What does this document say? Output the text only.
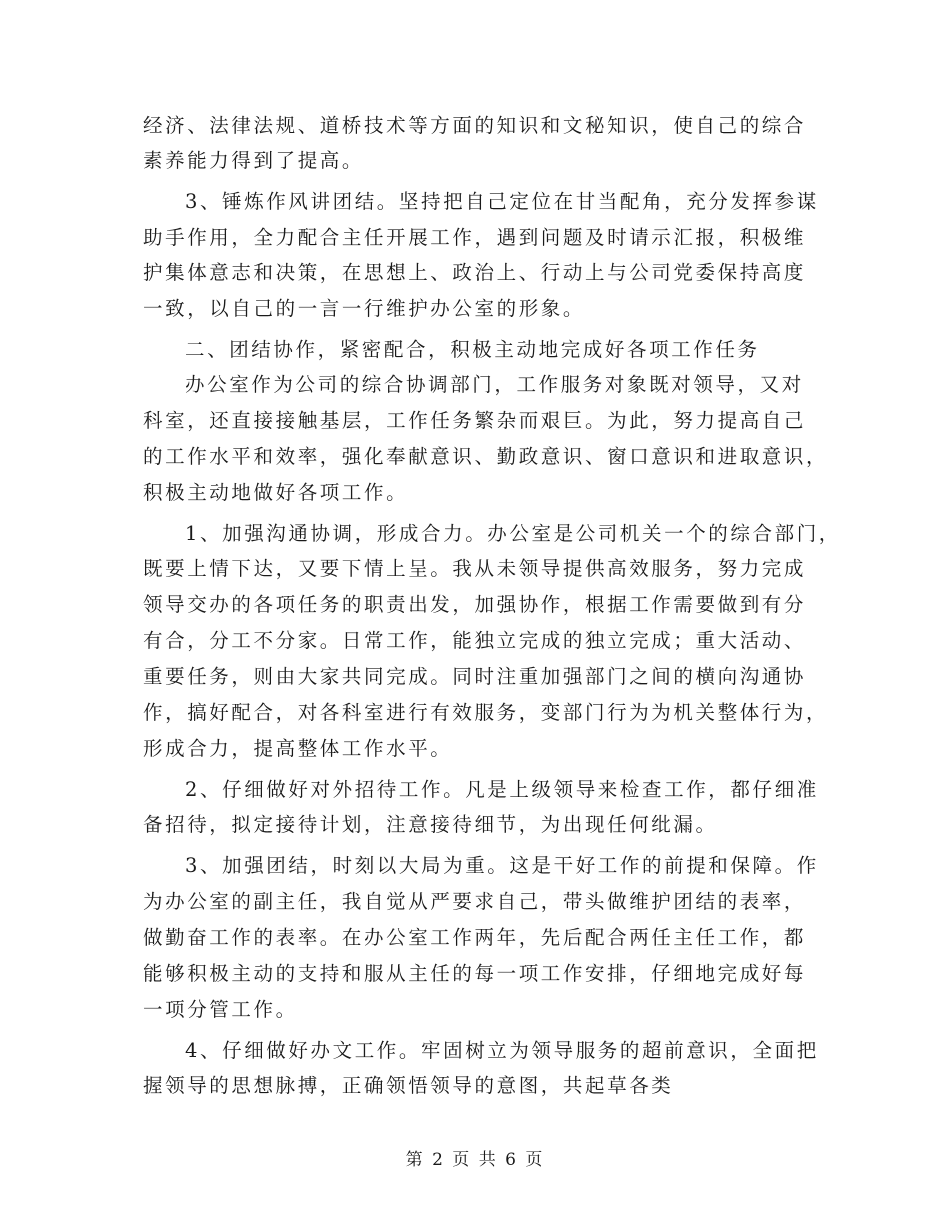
经济、法律法规、道桥技术等方面的知识和文秘知识，使自己的综合
素养能力得到了提高。
3、锤炼作风讲团结。坚持把自己定位在甘当配角，充分发挥参谋
助手作用，全力配合主任开展工作，遇到问题及时请示汇报，积极维
护集体意志和决策，在思想上、政治上、行动上与公司党委保持高度
一致，以自己的一言一行维护办公室的形象。
二、团结协作，紧密配合，积极主动地完成好各项工作任务
办公室作为公司的综合协调部门，工作服务对象既对领导，又对
科室，还直接接触基层，工作任务繁杂而艰巨。为此，努力提高自己
的工作水平和效率，强化奉献意识、勤政意识、窗口意识和进取意识，
积极主动地做好各项工作。
1、加强沟通协调，形成合力。办公室是公司机关一个的综合部门，
既要上情下达，又要下情上呈。我从未领导提供高效服务，努力完成
领导交办的各项任务的职责出发，加强协作，根据工作需要做到有分
有合，分工不分家。日常工作，能独立完成的独立完成；重大活动、
重要任务，则由大家共同完成。同时注重加强部门之间的横向沟通协
作，搞好配合，对各科室进行有效服务，变部门行为为机关整体行为，
形成合力，提高整体工作水平。
2、仔细做好对外招待工作。凡是上级领导来检查工作，都仔细准
备招待，拟定接待计划，注意接待细节，为出现任何纰漏。
3、加强团结，时刻以大局为重。这是干好工作的前提和保障。作
为办公室的副主任，我自觉从严要求自己，带头做维护团结的表率，
做勤奋工作的表率。在办公室工作两年，先后配合两任主任工作，都
能够积极主动的支持和服从主任的每一项工作安排，仔细地完成好每
一项分管工作。
4、仔细做好办文工作。牢固树立为领导服务的超前意识，全面把
握领导的思想脉搏，正确领悟领导的意图，共起草各类
第 2 页 共 6 页
